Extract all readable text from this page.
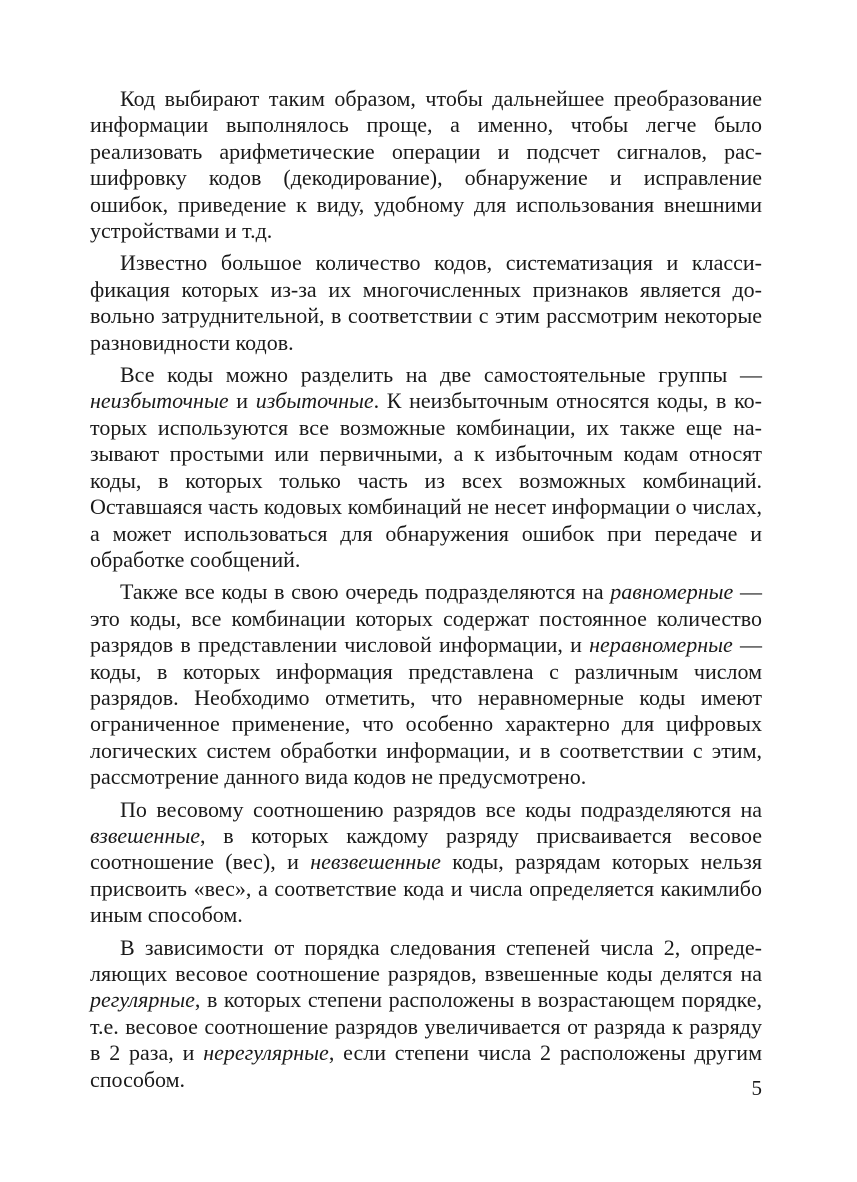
Код выбирают таким образом, чтобы дальнейшее преобразование информации выполнялось проще, а именно, чтобы легче было реализовать арифметические операции и подсчет сигналов, расшифровку кодов (декодирование), обнаружение и исправление ошибок, приведение к виду, удобному для использования внешними устройствами и т.д.

Известно большое количество кодов, систематизация и классификация которых из-за их многочисленных признаков является довольно затруднительной, в соответствии с этим рассмотрим некоторые разновидности кодов.

Все коды можно разделить на две самостоятельные группы — неизбыточные и избыточные. К неизбыточным относятся коды, в которых используются все возможные комбинации, их также еще называют простыми или первичными, а к избыточным кодам относят коды, в которых только часть из всех возможных комбинаций. Оставшаяся часть кодовых комбинаций не несет информации о числах, а может использоваться для обнаружения ошибок при передаче и обработке сообщений.

Также все коды в свою очередь подразделяются на равномерные — это коды, все комбинации которых содержат постоянное количество разрядов в представлении числовой информации, и неравномерные — коды, в которых информация представлена с различным числом разрядов. Необходимо отметить, что неравномерные коды имеют ограниченное применение, что особенно характерно для цифровых логических систем обработки информации, и в соответствии с этим, рассмотрение данного вида кодов не предусмотрено.

По весовому соотношению разрядов все коды подразделяются на взвешенные, в которых каждому разряду присваивается весовое соотношение (вес), и невзвешенные коды, разрядам которых нельзя присвоить «вес», а соответствие кода и числа определяется какимлибо иным способом.

В зависимости от порядка следования степеней числа 2, определяющих весовое соотношение разрядов, взвешенные коды делятся на регулярные, в которых степени расположены в возрастающем порядке, т.е. весовое соотношение разрядов увеличивается от разряда к разряду в 2 раза, и нерегулярные, если степени числа 2 расположены другим способом.	5
